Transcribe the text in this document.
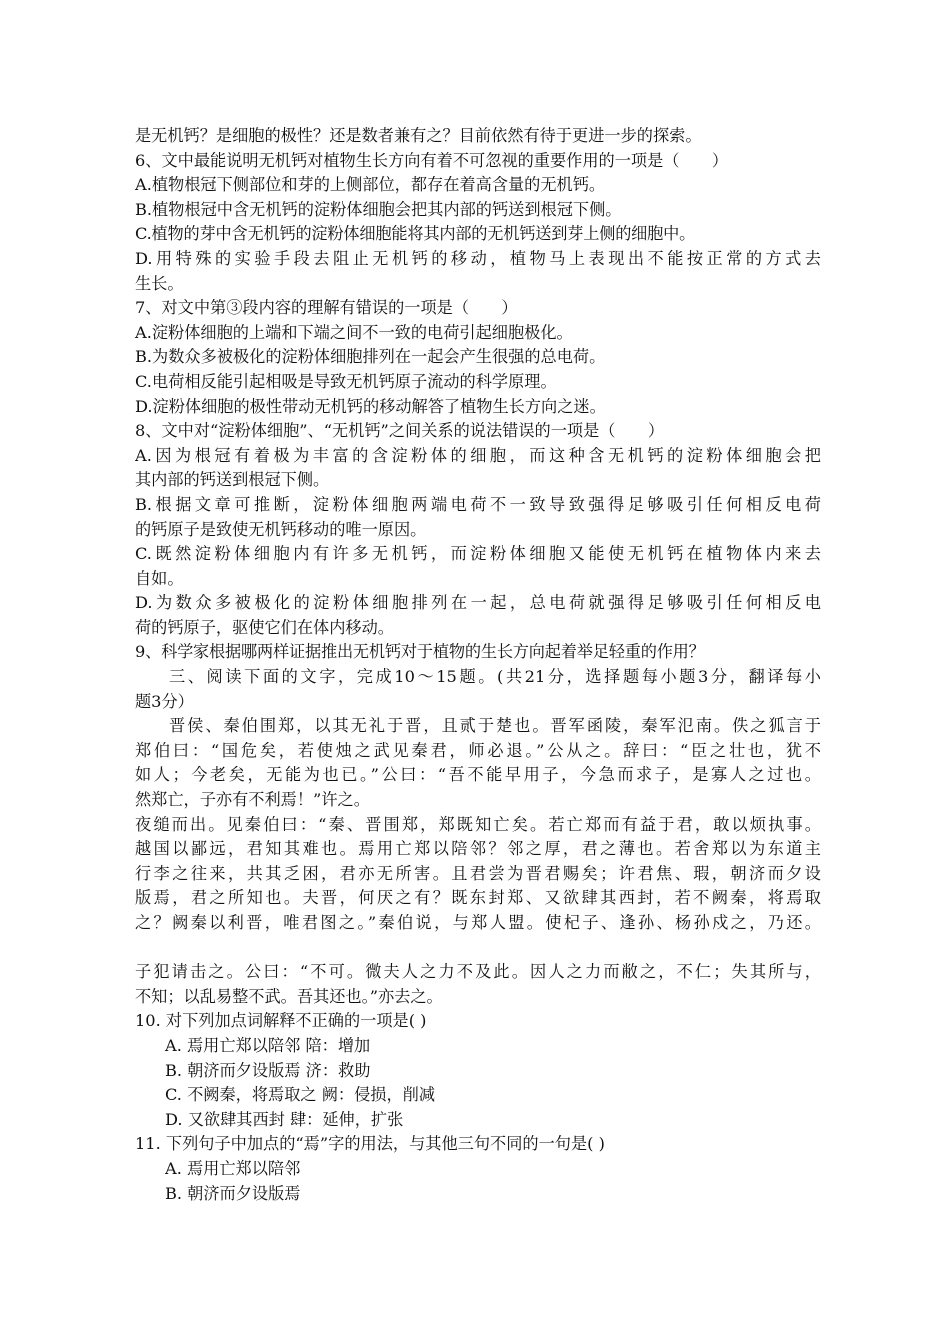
是无机钙？是细胞的极性？还是数者兼有之？目前依然有待于更进一步的探索。
6、文中最能说明无机钙对植物生长方向有着不可忽视的重要作用的一项是（　　）
A.植物根冠下侧部位和芽的上侧部位，都存在着高含量的无机钙。
B.植物根冠中含无机钙的淀粉体细胞会把其内部的钙送到根冠下侧。
C.植物的芽中含无机钙的淀粉体细胞能将其内部的无机钙送到芽上侧的细胞中。
D.用特殊的实验手段去阻止无机钙的移动，植物马上表现出不能按正常的方式去
生长。
7、对文中第③段内容的理解有错误的一项是（　　）
A.淀粉体细胞的上端和下端之间不一致的电荷引起细胞极化。
B.为数众多被极化的淀粉体细胞排列在一起会产生很强的总电荷。
C.电荷相反能引起相吸是导致无机钙原子流动的科学原理。
D.淀粉体细胞的极性带动无机钙的移动解答了植物生长方向之迷。
8、文中对“淀粉体细胞”、“无机钙”之间关系的说法错误的一项是（　　）
A.因为根冠有着极为丰富的含淀粉体的细胞，而这种含无机钙的淀粉体细胞会把
其内部的钙送到根冠下侧。
B.根据文章可推断，淀粉体细胞两端电荷不一致导致强得足够吸引任何相反电荷
的钙原子是致使无机钙移动的唯一原因。
C.既然淀粉体细胞内有许多无机钙，而淀粉体细胞又能使无机钙在植物体内来去
自如。
D.为数众多被极化的淀粉体细胞排列在一起，总电荷就强得足够吸引任何相反电
荷的钙原子，驱使它们在体内移动。
9、科学家根据哪两样证据推出无机钙对于植物的生长方向起着举足轻重的作用？
三、阅读下面的文字，完成10～15题。(共21分，选择题每小题3分，翻译每小
题3分）
晋侯、秦伯围郑，以其无礼于晋，且贰于楚也。晋军函陵，秦军氾南。佚之狐言于
郑伯曰：“国危矣，若使烛之武见秦君，师必退。”公从之。辞曰：“臣之壮也，犹不
如人；今老矣，无能为也已。”公曰：“吾不能早用子，今急而求子，是寡人之过也。
然郑亡，子亦有不利焉！”许之。
夜缒而出。见秦伯曰：“秦、晋围郑，郑既知亡矣。若亡郑而有益于君，敢以烦执事。
越国以鄙远，君知其难也。焉用亡郑以陪邻？邻之厚，君之薄也。若舍郑以为东道主
行李之往来，共其乏困，君亦无所害。且君尝为晋君赐矣；许君焦、瑕，朝济而夕设
版焉，君之所知也。夫晋，何厌之有？既东封郑、又欲肆其西封，若不阙秦，将焉取
之？阙秦以利晋，唯君图之。”秦伯说，与郑人盟。使杞子、逢孙、杨孙戍之，乃还。
子犯请击之。公曰：“不可。微夫人之力不及此。因人之力而敝之，不仁；失其所与，
不知；以乱易整不武。吾其还也。”亦去之。
10. 对下列加点词解释不正确的一项是( )
A. 焉用亡郑以陪邻 陪：增加
B. 朝济而夕设版焉 济：救助
C. 不阙秦，将焉取之 阙：侵损，削减
D. 又欲肆其西封 肆：延伸，扩张
11. 下列句子中加点的“焉”字的用法，与其他三句不同的一句是( )
A. 焉用亡郑以陪邻
B. 朝济而夕设版焉
